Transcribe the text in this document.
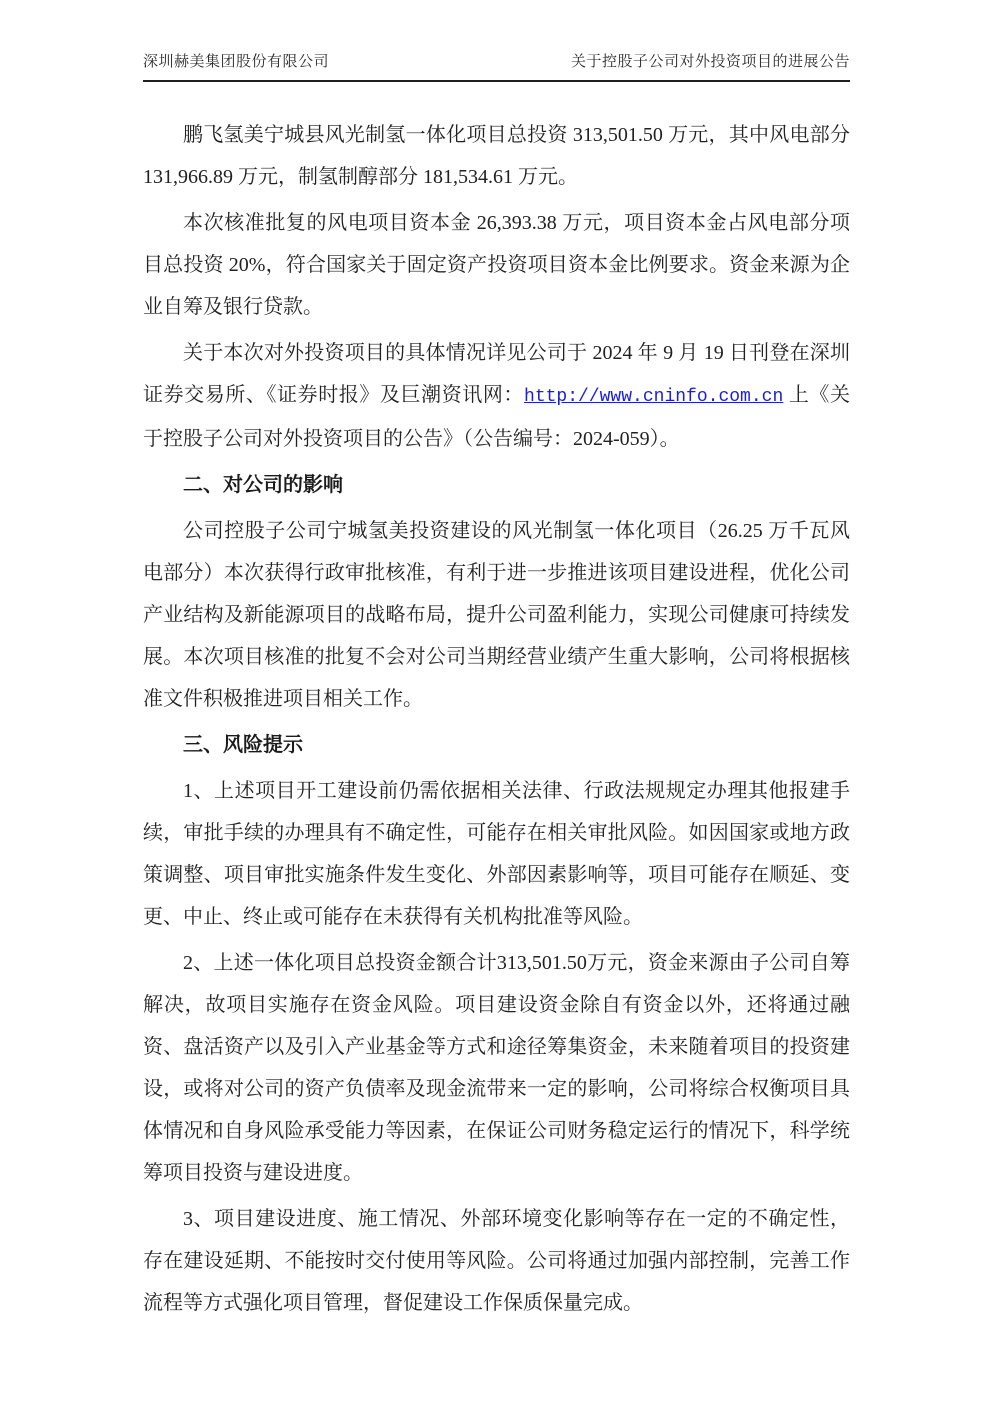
深圳赫美集团股份有限公司	关于控股子公司对外投资项目的进展公告

鹏飞氢美宁城县风光制氢一体化项目总投资 313,501.50 万元，其中风电部分 131,966.89 万元，制氢制醇部分 181,534.61 万元。

本次核准批复的风电项目资本金 26,393.38 万元，项目资本金占风电部分项目总投资 20%，符合国家关于固定资产投资项目资本金比例要求。资金来源为企业自筹及银行贷款。

关于本次对外投资项目的具体情况详见公司于 2024 年 9 月 19 日刊登在深圳证券交易所、《证券时报》及巨潮资讯网：http://www.cninfo.com.cn 上《关于控股子公司对外投资项目的公告》（公告编号：2024-059）。

二、对公司的影响

公司控股子公司宁城氢美投资建设的风光制氢一体化项目（26.25 万千瓦风电部分）本次获得行政审批核准，有利于进一步推进该项目建设进程，优化公司产业结构及新能源项目的战略布局，提升公司盈利能力，实现公司健康可持续发展。本次项目核准的批复不会对公司当期经营业绩产生重大影响，公司将根据核准文件积极推进项目相关工作。

三、风险提示

1、上述项目开工建设前仍需依据相关法律、行政法规规定办理其他报建手续，审批手续的办理具有不确定性，可能存在相关审批风险。如因国家或地方政策调整、项目审批实施条件发生变化、外部因素影响等，项目可能存在顺延、变更、中止、终止或可能存在未获得有关机构批准等风险。

2、上述一体化项目总投资金额合计313,501.50万元，资金来源由子公司自筹解决，故项目实施存在资金风险。项目建设资金除自有资金以外，还将通过融资、盘活资产以及引入产业基金等方式和途径筹集资金，未来随着项目的投资建设，或将对公司的资产负债率及现金流带来一定的影响，公司将综合权衡项目具体情况和自身风险承受能力等因素，在保证公司财务稳定运行的情况下，科学统筹项目投资与建设进度。

3、项目建设进度、施工情况、外部环境变化影响等存在一定的不确定性，存在建设延期、不能按时交付使用等风险。公司将通过加强内部控制，完善工作流程等方式强化项目管理，督促建设工作保质保量完成。
